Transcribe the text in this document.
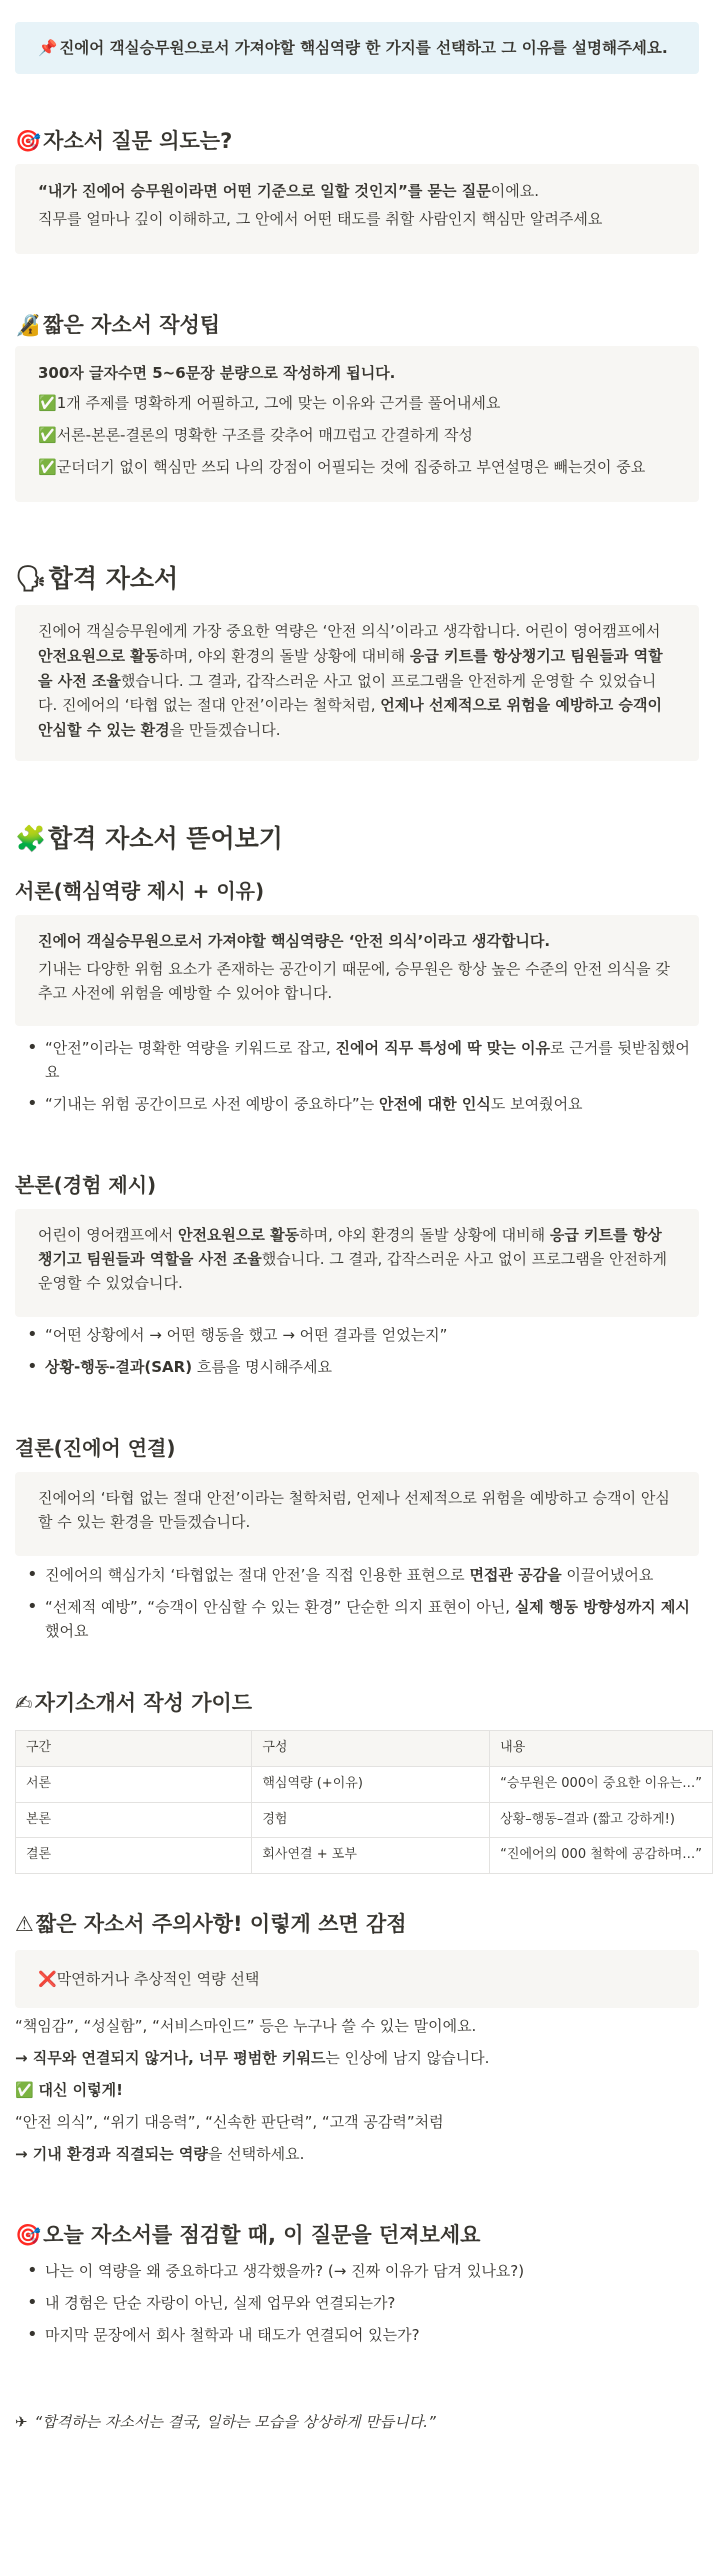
📌 진에어 객실승무원으로서 가져야할 핵심역량 한 가지를 선택하고 그 이유를 설명해주세요.
🎯 자소서 질문 의도는?

“내가 진에어 승무원이라면 어떤 기준으로 일할 것인지”를 묻는 질문이에요.

직무를 얼마나 깊이 이해하고, 그 안에서 어떤 태도를 취할 사람인지 핵심만 알려주세요

🔏 짧은 자소서 작성팁

300자 글자수면 5~6문장 분량으로 작성하게 됩니다.

✅1개 주제를 명확하게 어필하고, 그에 맞는 이유와 근거를 풀어내세요

✅서론-본론-결론의 명확한 구조를 갖추어 매끄럽고 간결하게 작성

✅군더더기 없이 핵심만 쓰되 나의 강점이 어필되는 것에 집중하고 부연설명은 빼는것이 중요

🗣 합격 자소서

진에어 객실승무원에게 가장 중요한 역량은 ‘안전 의식’이라고 생각합니다. 어린이 영어캠프에서

안전요원으로 활동하며, 야외 환경의 돌발 상황에 대비해 응급 키트를 항상챙기고 팀원들과 역할

을 사전 조율했습니다. 그 결과, 갑작스러운 사고 없이 프로그램을 안전하게 운영할 수 있었습니

다. 진에어의 ‘타협 없는 절대 안전’이라는 철학처럼, 언제나 선제적으로 위험을 예방하고 승객이

안심할 수 있는 환경을 만들겠습니다.

🧩 합격 자소서 뜯어보기
서론(핵심역량 제시 + 이유)

진에어 객실승무원으로서 가져야할 핵심역량은 ‘안전 의식’이라고 생각합니다.

기내는 다양한 위험 요소가 존재하는 공간이기 때문에, 승무원은 항상 높은 수준의 안전 의식을 갖

추고 사전에 위험을 예방할 수 있어야 합니다.

• “안전”이라는 명확한 역량을 키워드로 잡고, 진에어 직무 특성에 딱 맞는 이유로 근거를 뒷받침했어
요
• “기내는 위험 공간이므로 사전 예방이 중요하다”는 안전에 대한 인식도 보여줬어요
본론(경험 제시)

어린이 영어캠프에서 안전요원으로 활동하며, 야외 환경의 돌발 상황에 대비해 응급 키트를 항상

챙기고 팀원들과 역할을 사전 조율했습니다. 그 결과, 갑작스러운 사고 없이 프로그램을 안전하게

운영할 수 있었습니다.

• “어떤 상황에서 → 어떤 행동을 했고 → 어떤 결과를 얻었는지”
• 상황-행동-결과(SAR) 흐름을 명시해주세요
결론(진에어 연결)

진에어의 ‘타협 없는 절대 안전’이라는 철학처럼, 언제나 선제적으로 위험을 예방하고 승객이 안심

할 수 있는 환경을 만들겠습니다.

• 진에어의 핵심가치 ‘타협없는 절대 안전’을 직접 인용한 표현으로 면접관 공감을 이끌어냈어요
• “선제적 예방”, “승객이 안심할 수 있는 환경” 단순한 의지 표현이 아닌, 실제 행동 방향성까지 제시
했어요
✍ 자기소개서 작성 가이드
구간	구성	내용
서론	핵심역량 (+이유)	“승무원은 000이 중요한 이유는…”
본론	경험	상황–행동–결과 (짧고 강하게!)
결론	회사연결 + 포부	“진에어의 000 철학에 공감하며…”
⚠ 짧은 자소서 주의사항! 이렇게 쓰면 감점
❌ 막연하거나 추상적인 역량 선택

“책임감”, “성실함”, “서비스마인드” 등은 누구나 쓸 수 있는 말이에요.

→ 직무와 연결되지 않거나, 너무 평범한 키워드는 인상에 남지 않습니다.

✅ 대신 이렇게!

“안전 의식”, “위기 대응력”, “신속한 판단력”, “고객 공감력”처럼

→ 기내 환경과 직결되는 역량을 선택하세요.

🎯 오늘 자소서를 점검할 때, 이 질문을 던져보세요
• 나는 이 역량을 왜 중요하다고 생각했을까? (→ 진짜 이유가 담겨 있나요?)
• 내 경험은 단순 자랑이 아닌, 실제 업무와 연결되는가?
• 마지막 문장에서 회사 철학과 내 태도가 연결되어 있는가?
✈ “합격하는 자소서는 결국, 일하는 모습을 상상하게 만듭니다.”
